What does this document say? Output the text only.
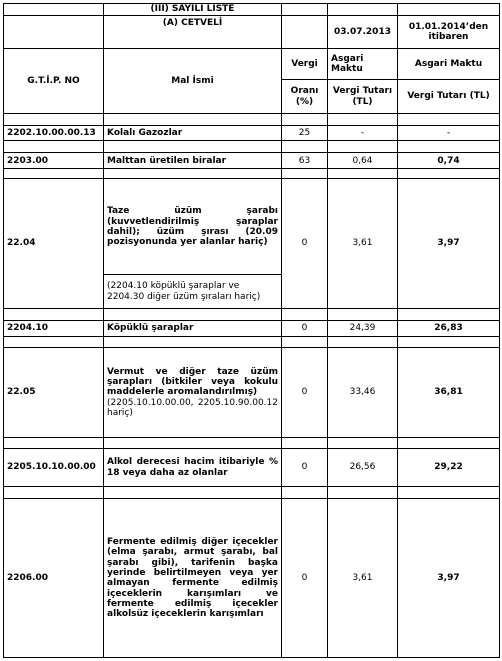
	(III) SAYILI LİSTE			
	(A) CETVELİ		03.07.2013	01.01.2014’den itibaren
G.T.İ.P. NO	Mal İsmi	Vergi	Asgari Maktu	Asgari Maktu
		Oranı (%)	Vergi Tutarı (TL)	Vergi Tutarı (TL)

2202.10.00.00.13	Kolalı Gazozlar	25	-	-

2203.00	Malttan üretilen biralar	63	0,64	0,74

22.04	Taze üzüm şarabı (kuvvetlendirilmiş şaraplar dahil); üzüm şırası (20.09 pozisyonunda yer alanlar hariç)	0	3,61	3,97
	(2204.10 köpüklü şaraplar ve 2204.30 diğer üzüm şıraları hariç)			

2204.10	Köpüklü şaraplar	0	24,39	26,83

22.05	Vermut ve diğer taze üzüm şarapları (bitkiler veya kokulu maddelerle aromalandırılmış)
(2205.10.10.00.00, 2205.10.90.00.12 hariç)	0	33,46	36,81

2205.10.10.00.00	Alkol derecesi hacim itibariyle % 18 veya daha az olanlar	0	26,56	29,22

2206.00	Fermente edilmiş diğer içecekler (elma şarabı, armut şarabı, bal şarabı gibi), tarifenin başka yerinde belirtilmeyen veya yer almayan fermente edilmiş içeceklerin karışımları ve fermente edilmiş içecekler alkolsüz içeceklerin karışımları	0	3,61	3,97
